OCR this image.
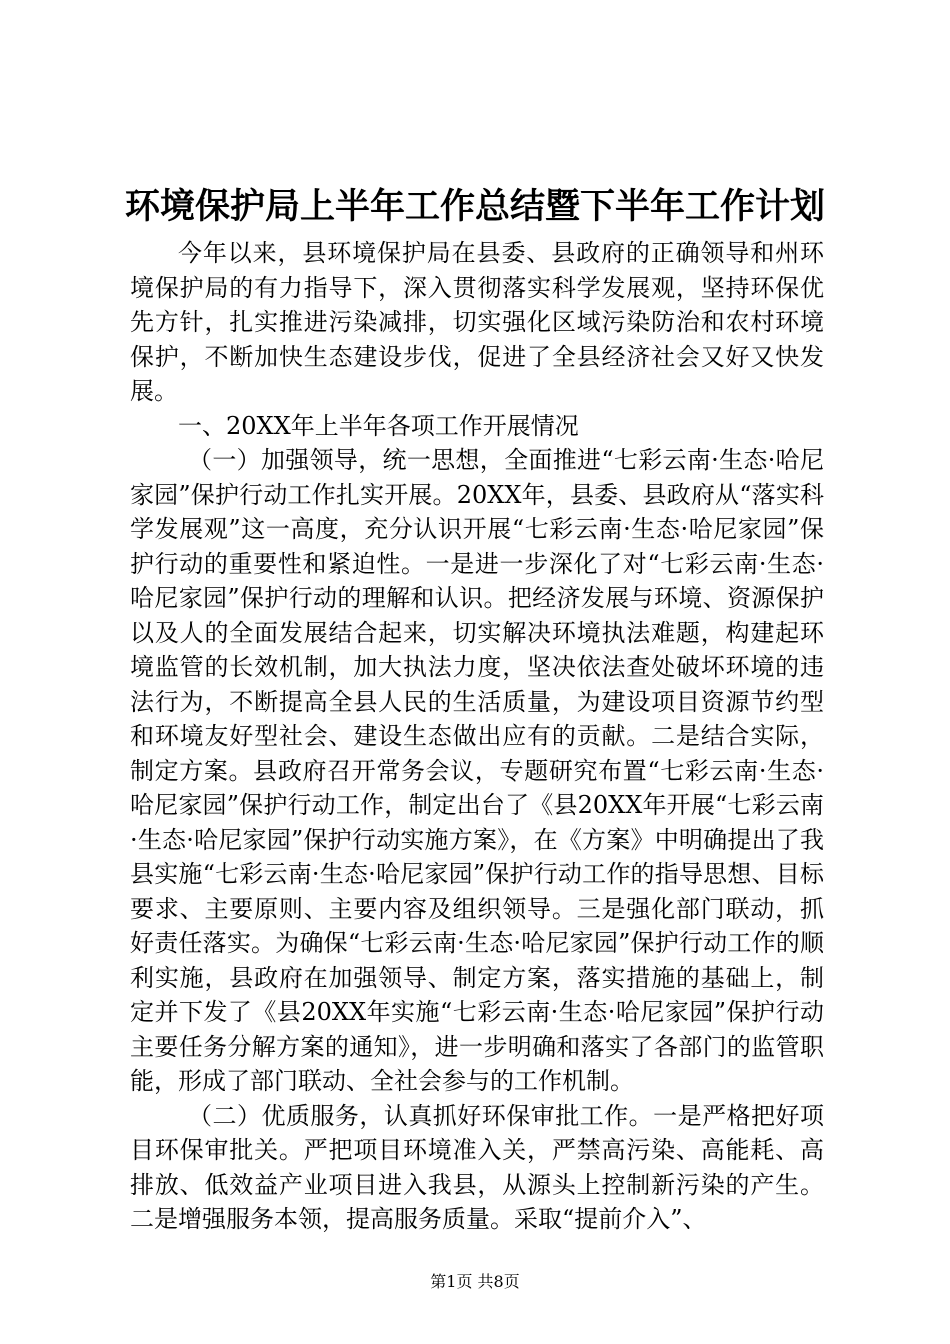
环境保护局上半年工作总结暨下半年工作计划

今年以来，县环境保护局在县委、县政府的正确领导和州环境保护局的有力指导下，深入贯彻落实科学发展观，坚持环保优先方针，扎实推进污染减排，切实强化区域污染防治和农村环境保护，不断加快生态建设步伐，促进了全县经济社会又好又快发展。

一、20XX年上半年各项工作开展情况

（一）加强领导，统一思想，全面推进“七彩云南·生态·哈尼家园”保护行动工作扎实开展。20XX年，县委、县政府从“落实科学发展观”这一高度，充分认识开展“七彩云南·生态·哈尼家园”保护行动的重要性和紧迫性。一是进一步深化了对“七彩云南·生态·哈尼家园”保护行动的理解和认识。把经济发展与环境、资源保护以及人的全面发展结合起来，切实解决环境执法难题，构建起环境监管的长效机制，加大执法力度，坚决依法查处破坏环境的违法行为，不断提高全县人民的生活质量，为建设项目资源节约型和环境友好型社会、建设生态做出应有的贡献。二是结合实际，制定方案。县政府召开常务会议，专题研究布置“七彩云南·生态·哈尼家园”保护行动工作，制定出台了《县20XX年开展“七彩云南·生态·哈尼家园”保护行动实施方案》，在《方案》中明确提出了我县实施“七彩云南·生态·哈尼家园”保护行动工作的指导思想、目标要求、主要原则、主要内容及组织领导。三是强化部门联动，抓好责任落实。为确保“七彩云南·生态·哈尼家园”保护行动工作的顺利实施，县政府在加强领导、制定方案，落实措施的基础上，制定并下发了《县20XX年实施“七彩云南·生态·哈尼家园”保护行动主要任务分解方案的通知》，进一步明确和落实了各部门的监管职能，形成了部门联动、全社会参与的工作机制。

（二）优质服务，认真抓好环保审批工作。一是严格把好项目环保审批关。严把项目环境准入关，严禁高污染、高能耗、高排放、低效益产业项目进入我县，从源头上控制新污染的产生。二是增强服务本领，提高服务质量。采取“提前介入”、

第1页 共8页
